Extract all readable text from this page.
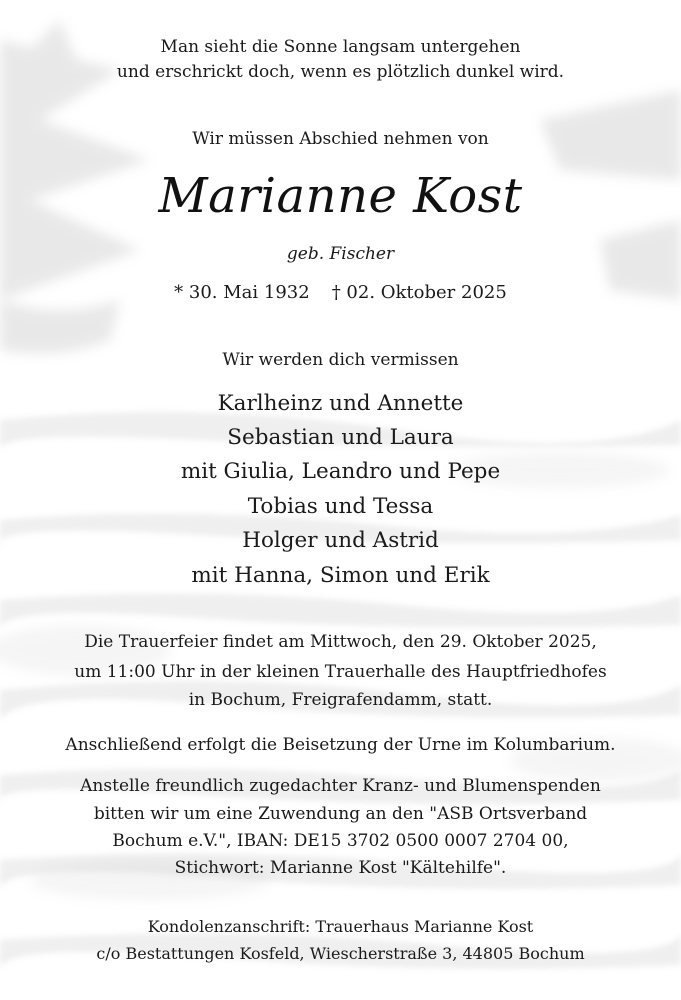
Man sieht die Sonne langsam untergehen
und erschrickt doch, wenn es plötzlich dunkel wird.
Wir müssen Abschied nehmen von
Marianne Kost
geb. Fischer
* 30. Mai 1932 † 02. Oktober 2025
Wir werden dich vermissen
Karlheinz und Annette
Sebastian und Laura
mit Giulia, Leandro und Pepe
Tobias und Tessa
Holger und Astrid
mit Hanna, Simon und Erik
Die Trauerfeier findet am Mittwoch, den 29. Oktober 2025,
um 11:00 Uhr in der kleinen Trauerhalle des Hauptfriedhofes
in Bochum, Freigrafendamm, statt.
Anschließend erfolgt die Beisetzung der Urne im Kolumbarium.
Anstelle freundlich zugedachter Kranz- und Blumenspenden
bitten wir um eine Zuwendung an den "ASB Ortsverband
Bochum e.V.", IBAN: DE15 3702 0500 0007 2704 00,
Stichwort: Marianne Kost "Kältehilfe".
Kondolenzanschrift: Trauerhaus Marianne Kost
c/o Bestattungen Kosfeld, Wiescherstraße 3, 44805 Bochum
